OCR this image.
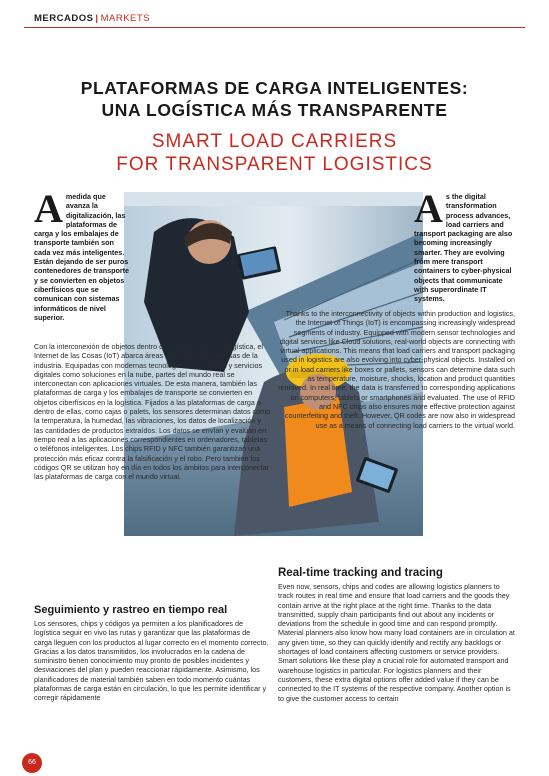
MERCADOS | MARKETS
PLATAFORMAS DE CARGA INTELIGENTES:
UNA LOGÍSTICA MÁS TRANSPARENTE
SMART LOAD CARRIERS
FOR TRANSPARENT LOGISTICS

Amedida que avanza la digitalización, las plataformas de carga y los embalajes de transporte también son cada vez más inteligentes. Están dejando de ser puros contenedores de transporte y se convierten en objetos ciberfísicos que se comunican con sistemas informáticos de nivel superior.

Con la interconexión de objetos dentro de la producción y la logística, el Internet de las Cosas (IoT) abarca áreas cada vez más extensas de la industria. Equipadas con modernas tecnologías de sensores y servicios digitales como soluciones en la nube, partes del mundo real se interconectan con aplicaciones virtuales. De esta manera, también las plataformas de carga y los embalajes de transporte se convierten en objetos ciberfísicos en la logística. Fijados a las plataformas de carga o dentro de ellas, como cajas o palets, los sensores determinan datos como la temperatura, la humedad, las vibraciones, los datos de localización y las cantidades de productos extraídos. Los datos se envían y evalúan en tiempo real a las aplicaciones correspondientes en ordenadores, tabletas o teléfonos inteligentes. Los chips RFID y NFC también garantizan una protección más eficaz contra la falsificación y el robo. Pero también los códigos QR se utilizan hoy en día en todos los ámbitos para interconectar las plataformas de carga con el mundo virtual.

Seguimiento y rastreo en tiempo real

Los sensores, chips y códigos ya permiten a los planificadores de logística seguir en vivo las rutas y garantizar que las plataformas de carga lleguen con los productos al lugar correcto en el momento correcto. Gracias a los datos transmitidos, los involucrados en la cadena de suministro tienen conocimiento muy pronto de posibles incidentes y desviaciones del plan y pueden reaccionar rápidamente. Asimismo, los planificadores de material también saben en todo momento cuántas plataformas de carga están en circulación, lo que les permite identificar y corregir rápidamente

As the digital transformation process advances, load carriers and transport packaging are also becoming increasingly smarter. They are evolving from mere transport containers to cyber-physical objects that communicate with superordinate IT systems.

Thanks to the interconnectivity of objects within production and logistics, the Internet of Things (IoT) is encompassing increasingly widespread segments of industry. Equipped with modern sensor technologies and digital services like Cloud solutions, real-world objects are connecting with virtual applications. This means that load carriers and transport packaging used in logistics are also evolving into cyber-physical objects. Installed on or in load carriers like boxes or pallets, sensors can determine data such as temperature, moisture, shocks, location and product quantities removed. In real time, the data is transferred to corresponding applications on computers, tablets or smartphones and evaluated. The use of RFID and NFC chips also ensures more effective protection against counterfeiting and theft. However, QR codes are now also in widespread use as a means of connecting load carriers to the virtual world.

Real-time tracking and tracing

Even now, sensors, chips and codes are allowing logistics planners to track routes in real time and ensure that load carriers and the goods they contain arrive at the right place at the right time. Thanks to the data transmitted, supply chain participants find out about any incidents or deviations from the schedule in good time and can respond promptly. Material planners also know how many load containers are in circulation at any given time, so they can quickly identify and rectify any backlogs or shortages of load containers affecting customers or service providers. Smart solutions like these play a crucial role for automated transport and warehouse logistics in particular. For logistics planners and their customers, these extra digital options offer added value if they can be connected to the IT systems of the respective company. Another option is to give the customer access to certain

66
